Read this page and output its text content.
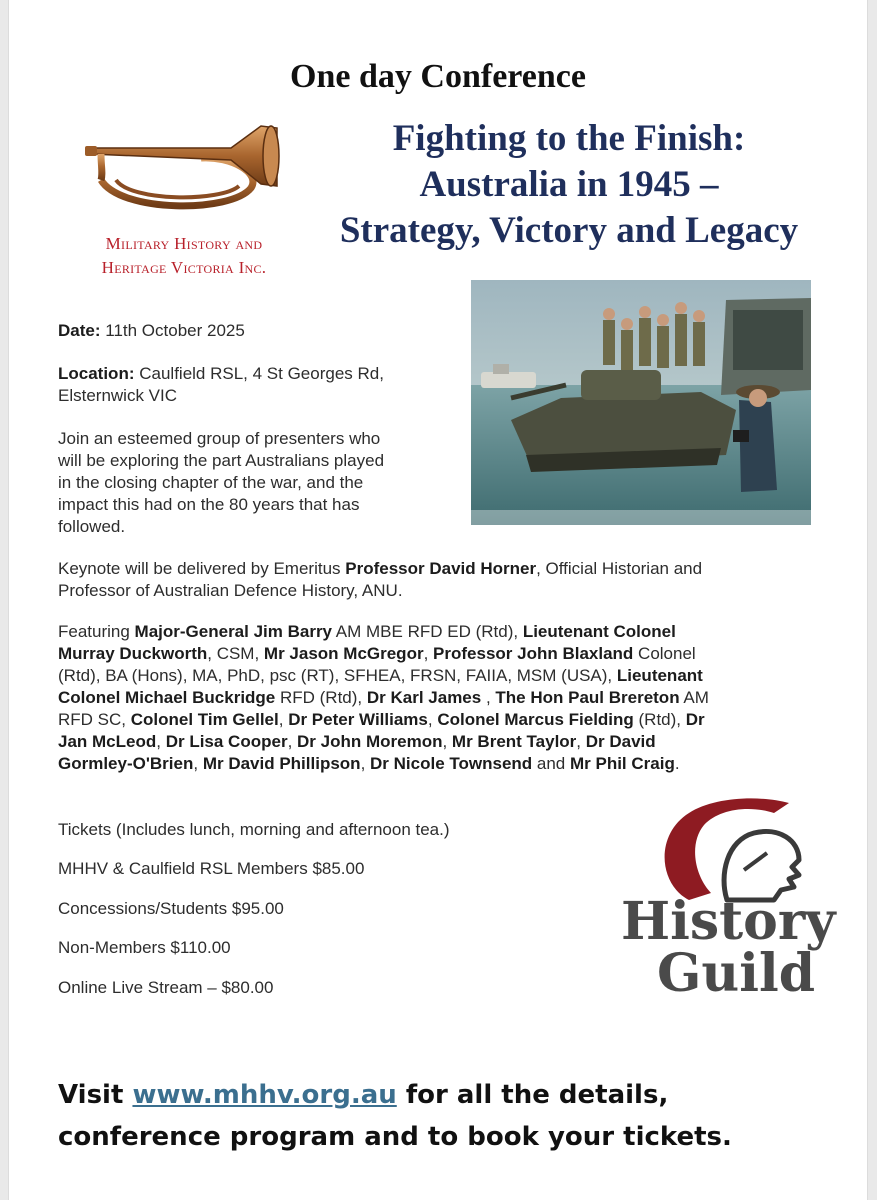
One day Conference
Military History and
Heritage Victoria Inc.
Fighting to the Finish:
Australia in 1945 –
Strategy, Victory and Legacy
Date: 11th October 2025
Location: Caulfield RSL, 4 St Georges Rd,
Elsternwick VIC
Join an esteemed group of presenters who
will be exploring the part Australians played
in the closing chapter of the war, and the
impact this had on the 80 years that has
followed.
Keynote will be delivered by Emeritus Professor David Horner, Official Historian and
Professor of Australian Defence History, ANU.
Featuring Major-General Jim Barry AM MBE RFD ED (Rtd), Lieutenant Colonel
Murray Duckworth, CSM, Mr Jason McGregor, Professor John Blaxland Colonel
(Rtd), BA (Hons), MA, PhD, psc (RT), SFHEA, FRSN, FAIIA, MSM (USA), Lieutenant
Colonel Michael Buckridge RFD (Rtd), Dr Karl James , The Hon Paul Brereton AM
RFD SC, Colonel Tim Gellel, Dr Peter Williams, Colonel Marcus Fielding (Rtd), Dr
Jan McLeod, Dr Lisa Cooper, Dr John Moremon, Mr Brent Taylor, Dr David
Gormley-O'Brien, Mr David Phillipson, Dr Nicole Townsend and Mr Phil Craig.
Tickets (Includes lunch, morning and afternoon tea.)
MHHV & Caulfield RSL Members $85.00
Concessions/Students $95.00
Non-Members $110.00
Online Live Stream – $80.00
History
Guild
Visit www.mhhv.org.au for all the details,
conference program and to book your tickets.
